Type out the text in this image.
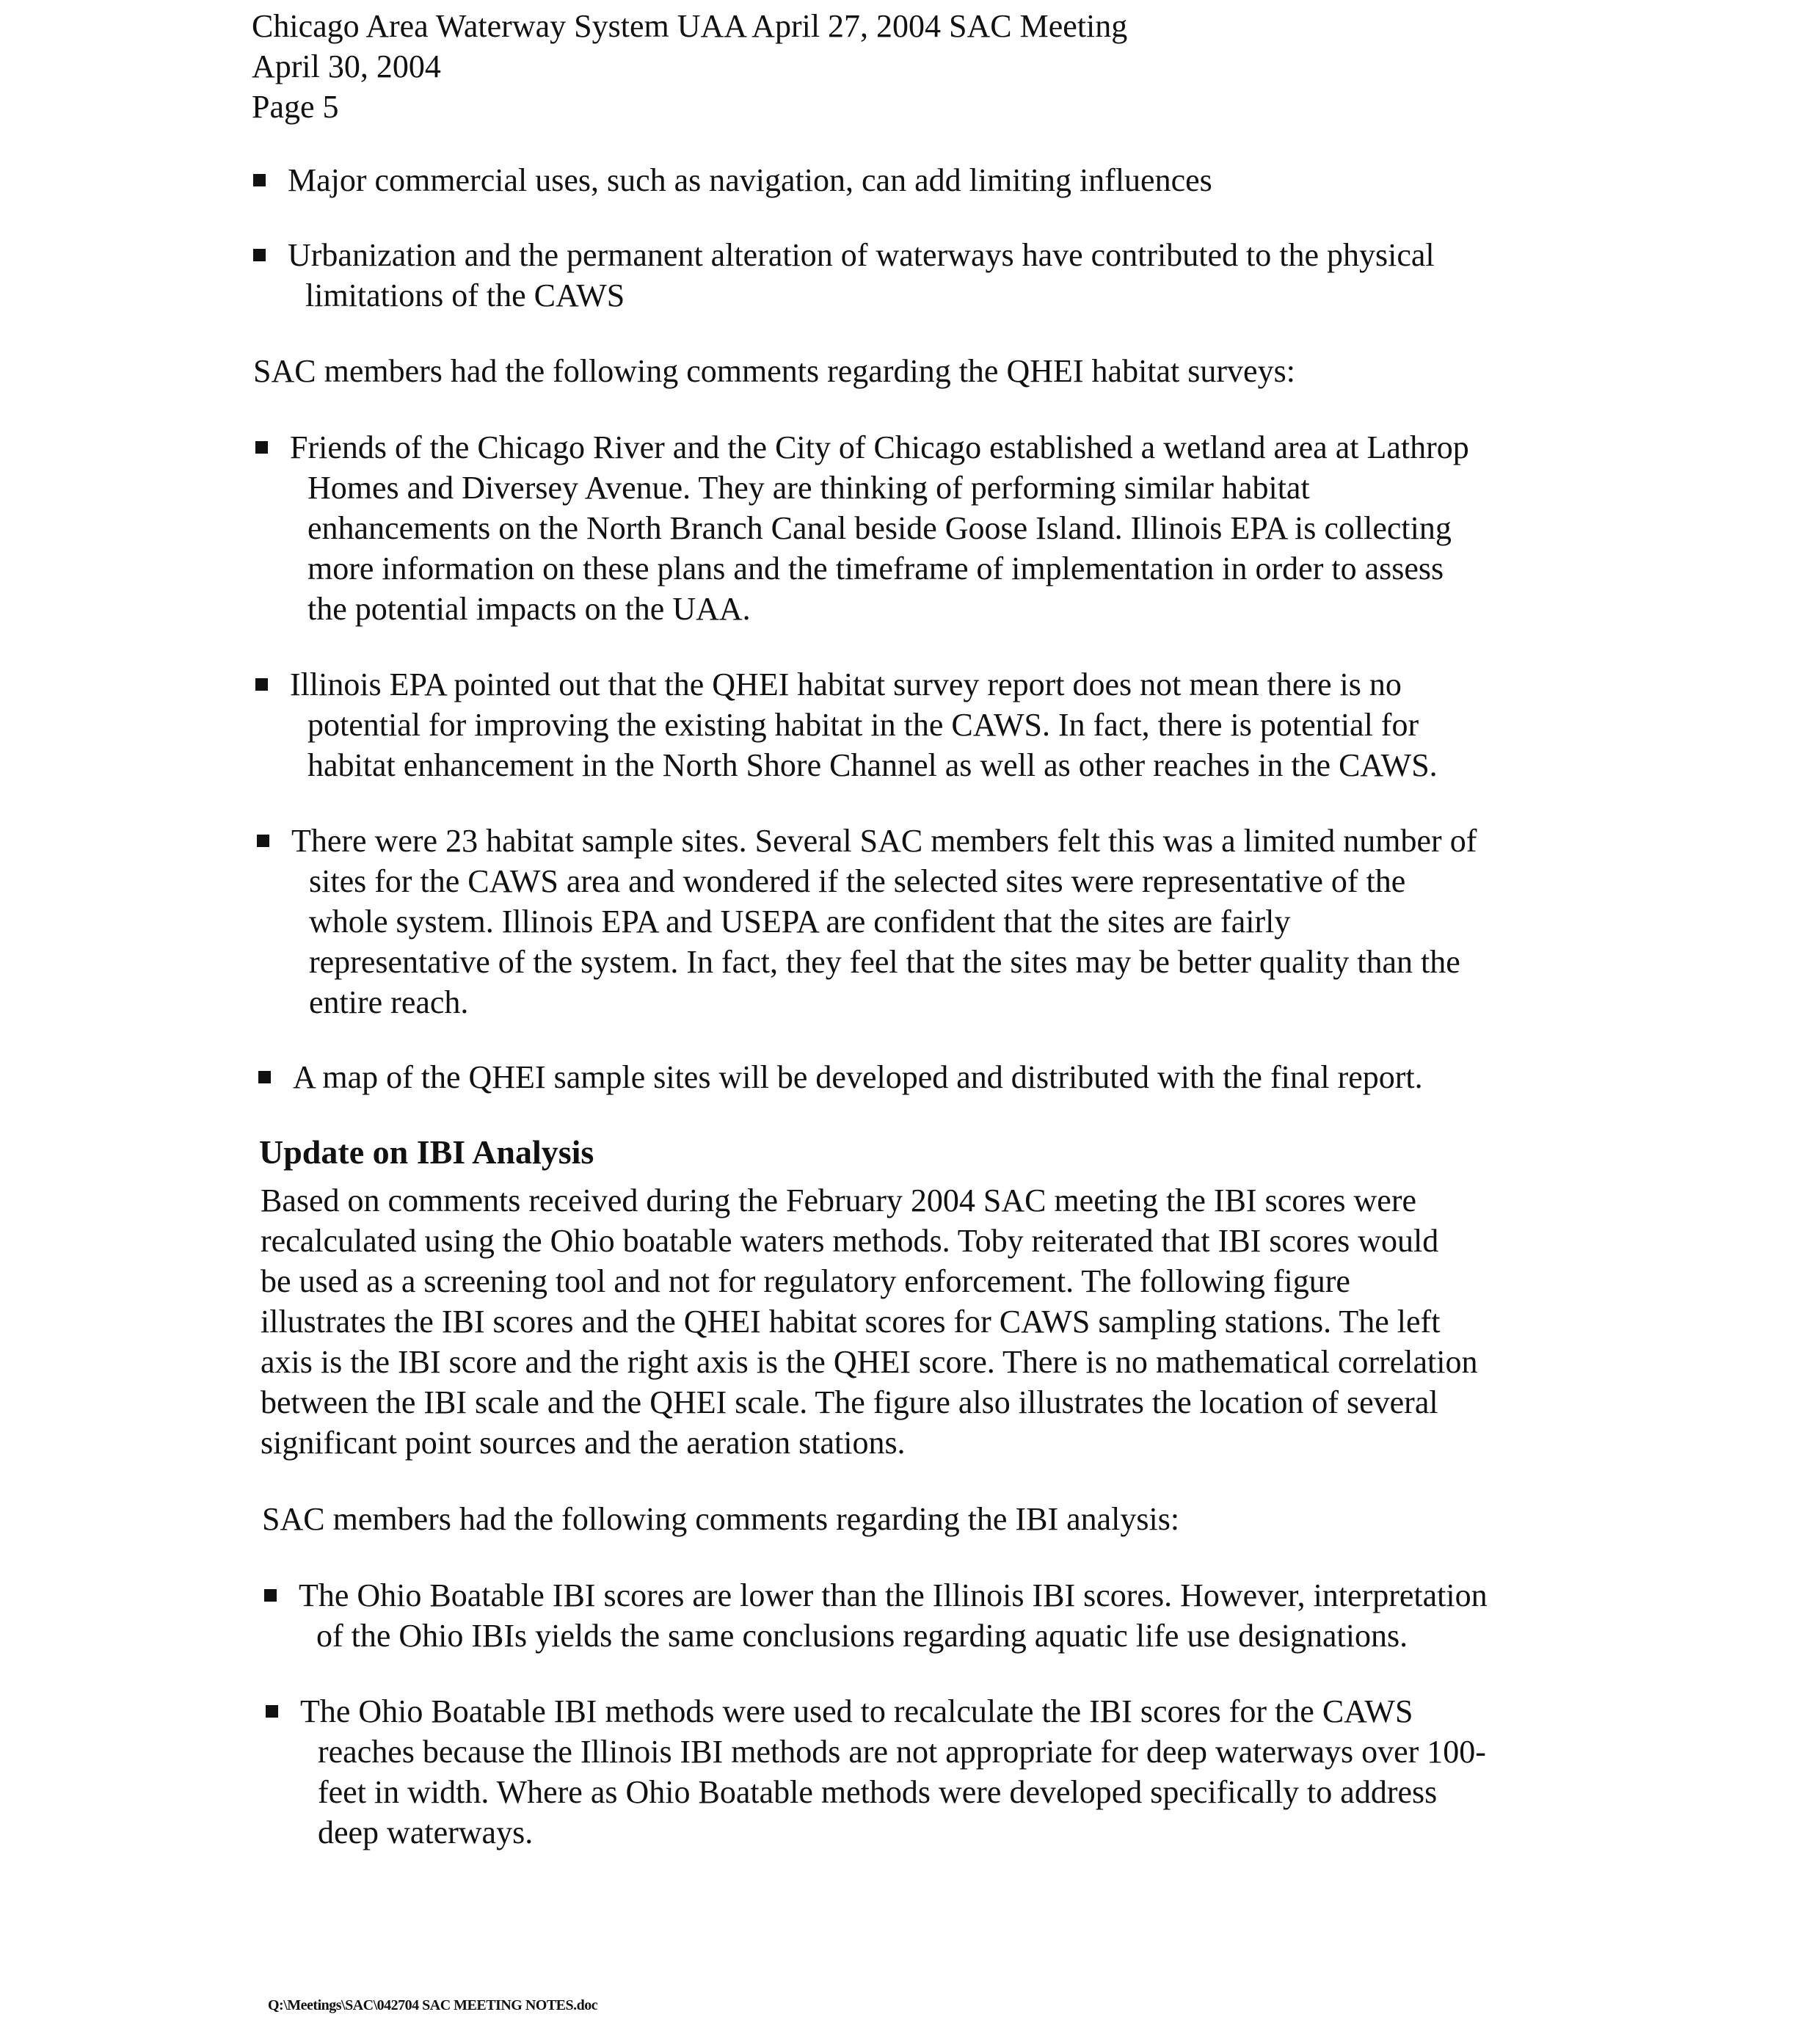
Chicago Area Waterway System UAA April 27, 2004 SAC Meeting
April 30, 2004
Page 5
Major commercial uses, such as navigation, can add limiting influences
Urbanization and the permanent alteration of waterways have contributed to the physical
limitations of the CAWS
SAC members had the following comments regarding the QHEI habitat surveys:
Friends of the Chicago River and the City of Chicago established a wetland area at Lathrop
Homes and Diversey Avenue. They are thinking of performing similar habitat
enhancements on the North Branch Canal beside Goose Island. Illinois EPA is collecting
more information on these plans and the timeframe of implementation in order to assess
the potential impacts on the UAA.
Illinois EPA pointed out that the QHEI habitat survey report does not mean there is no
potential for improving the existing habitat in the CAWS. In fact, there is potential for
habitat enhancement in the North Shore Channel as well as other reaches in the CAWS.
There were 23 habitat sample sites. Several SAC members felt this was a limited number of
sites for the CAWS area and wondered if the selected sites were representative of the
whole system. Illinois EPA and USEPA are confident that the sites are fairly
representative of the system. In fact, they feel that the sites may be better quality than the
entire reach.
A map of the QHEI sample sites will be developed and distributed with the final report.
Update on IBI Analysis
Based on comments received during the February 2004 SAC meeting the IBI scores were
recalculated using the Ohio boatable waters methods. Toby reiterated that IBI scores would
be used as a screening tool and not for regulatory enforcement. The following figure
illustrates the IBI scores and the QHEI habitat scores for CAWS sampling stations. The left
axis is the IBI score and the right axis is the QHEI score. There is no mathematical correlation
between the IBI scale and the QHEI scale. The figure also illustrates the location of several
significant point sources and the aeration stations.
SAC members had the following comments regarding the IBI analysis:
The Ohio Boatable IBI scores are lower than the Illinois IBI scores. However, interpretation
of the Ohio IBIs yields the same conclusions regarding aquatic life use designations.
The Ohio Boatable IBI methods were used to recalculate the IBI scores for the CAWS
reaches because the Illinois IBI methods are not appropriate for deep waterways over 100-
feet in width. Where as Ohio Boatable methods were developed specifically to address
deep waterways.
Q:\Meetings\SAC\042704 SAC MEETING NOTES.doc
